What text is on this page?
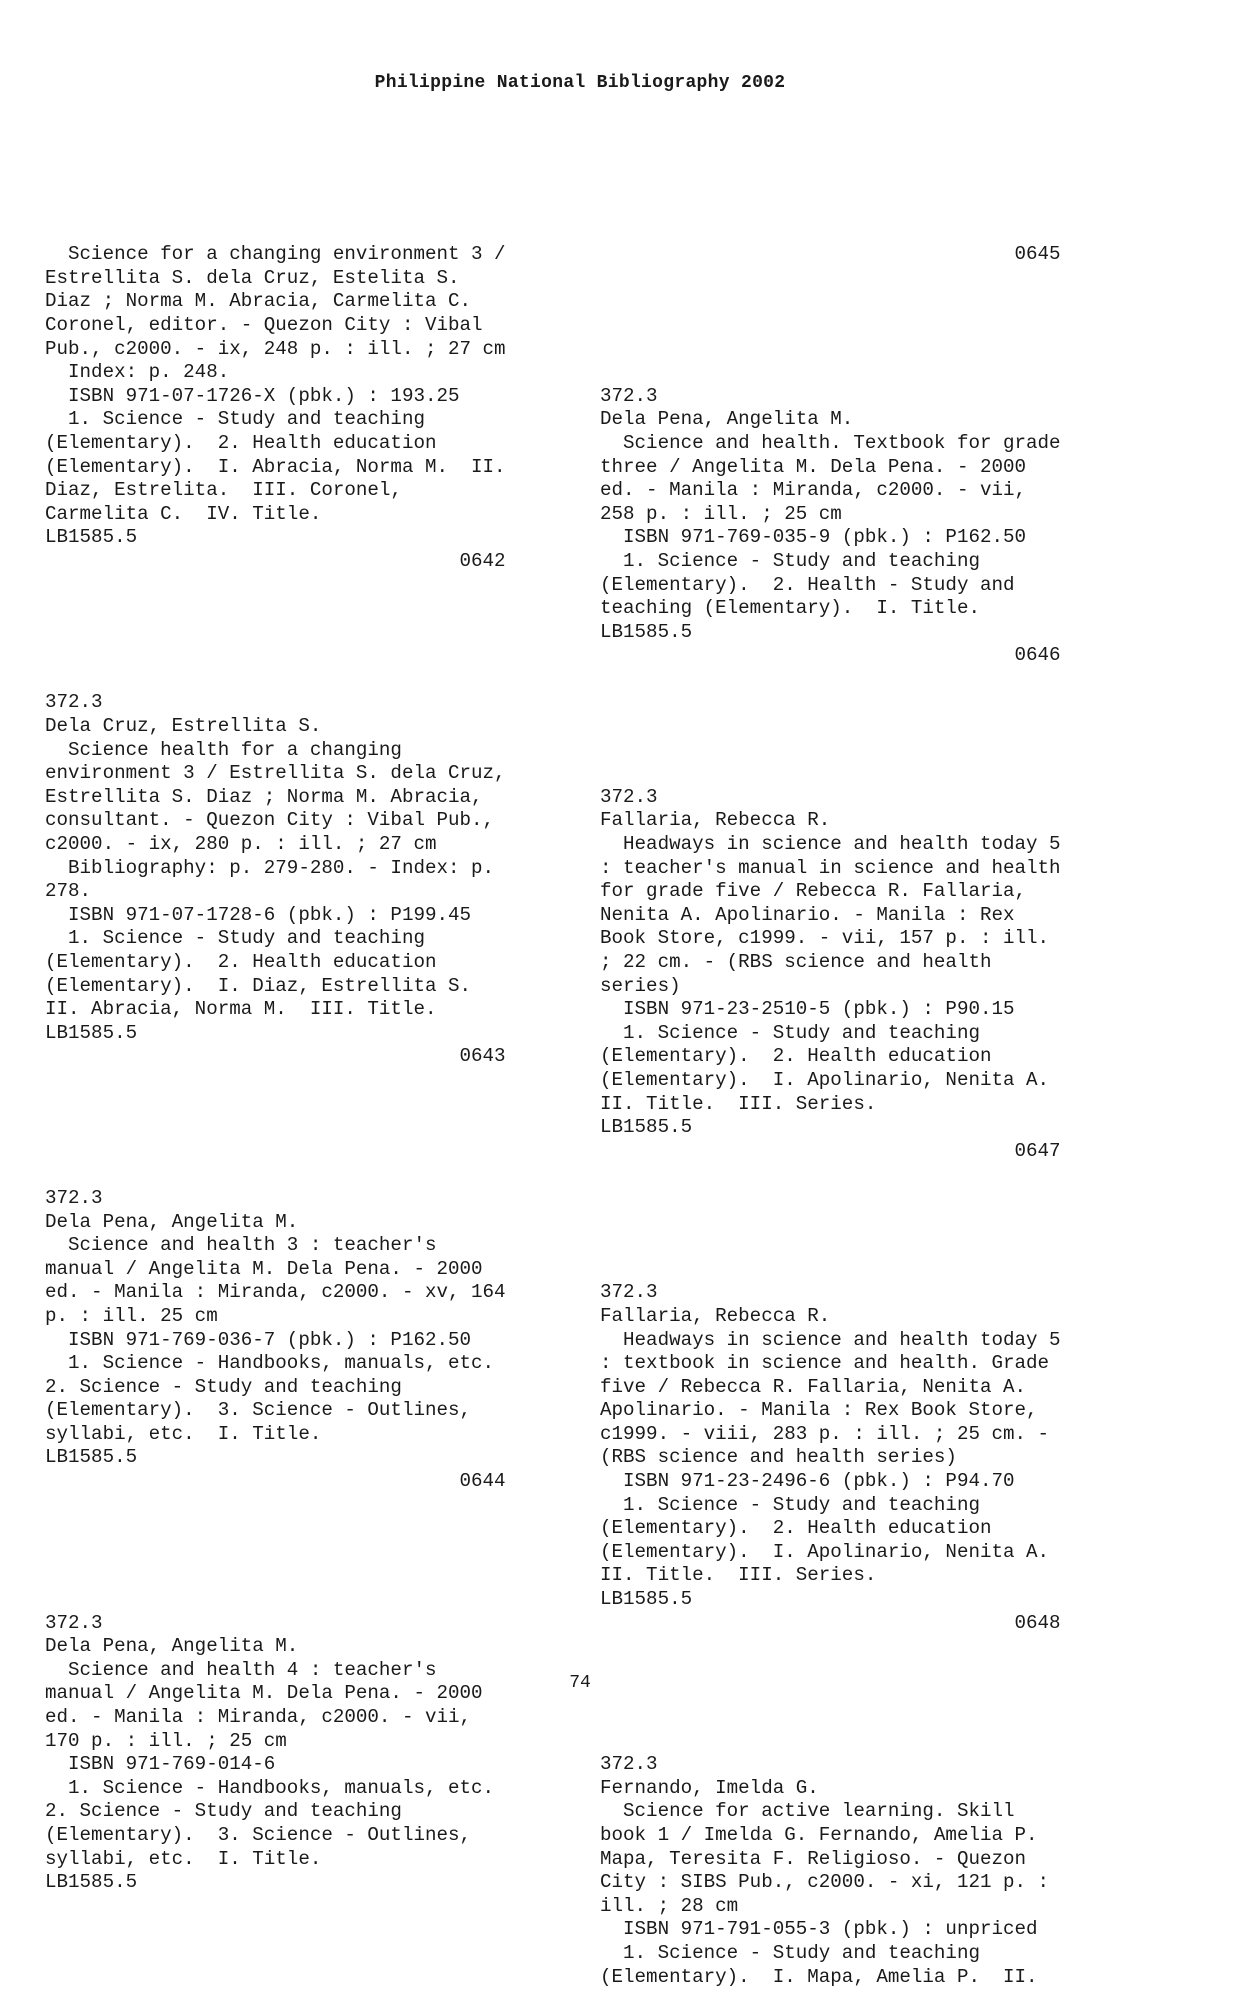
Philippine National Bibliography 2002

Science for a changing environment 3 /
Estrellita S. dela Cruz, Estelita S.
Diaz ; Norma M. Abracia, Carmelita C.
Coronel, editor. - Quezon City : Vibal
Pub., c2000. - ix, 248 p. : ill. ; 27 cm
Index: p. 248.
ISBN 971-07-1726-X (pbk.) : 193.25
1. Science - Study and teaching
(Elementary).  2. Health education
(Elementary).  I. Abracia, Norma M.  II.
Diaz, Estrelita.  III. Coronel,
Carmelita C.  IV. Title.
LB1585.5
0642

372.3
Dela Cruz, Estrellita S.
Science health for a changing
environment 3 / Estrellita S. dela Cruz,
Estrellita S. Diaz ; Norma M. Abracia,
consultant. - Quezon City : Vibal Pub.,
c2000. - ix, 280 p. : ill. ; 27 cm
Bibliography: p. 279-280. - Index: p.
278.
ISBN 971-07-1728-6 (pbk.) : P199.45
1. Science - Study and teaching
(Elementary).  2. Health education
(Elementary).  I. Diaz, Estrellita S.
II. Abracia, Norma M.  III. Title.
LB1585.5
0643

372.3
Dela Pena, Angelita M.
Science and health 3 : teacher's
manual / Angelita M. Dela Pena. - 2000
ed. - Manila : Miranda, c2000. - xv, 164
p. : ill. 25 cm
ISBN 971-769-036-7 (pbk.) : P162.50
1. Science - Handbooks, manuals, etc.
2. Science - Study and teaching
(Elementary).  3. Science - Outlines,
syllabi, etc.  I. Title.
LB1585.5
0644

372.3
Dela Pena, Angelita M.
Science and health 4 : teacher's
manual / Angelita M. Dela Pena. - 2000
ed. - Manila : Miranda, c2000. - vii,
170 p. : ill. ; 25 cm
ISBN 971-769-014-6
1. Science - Handbooks, manuals, etc.
2. Science - Study and teaching
(Elementary).  3. Science - Outlines,
syllabi, etc.  I. Title.
LB1585.5

0645

372.3
Dela Pena, Angelita M.
Science and health. Textbook for grade
three / Angelita M. Dela Pena. - 2000
ed. - Manila : Miranda, c2000. - vii,
258 p. : ill. ; 25 cm
ISBN 971-769-035-9 (pbk.) : P162.50
1. Science - Study and teaching
(Elementary).  2. Health - Study and
teaching (Elementary).  I. Title.
LB1585.5
0646

372.3
Fallaria, Rebecca R.
Headways in science and health today 5
: teacher's manual in science and health
for grade five / Rebecca R. Fallaria,
Nenita A. Apolinario. - Manila : Rex
Book Store, c1999. - vii, 157 p. : ill.
; 22 cm. - (RBS science and health
series)
ISBN 971-23-2510-5 (pbk.) : P90.15
1. Science - Study and teaching
(Elementary).  2. Health education
(Elementary).  I. Apolinario, Nenita A.
II. Title.  III. Series.
LB1585.5
0647

372.3
Fallaria, Rebecca R.
Headways in science and health today 5
: textbook in science and health. Grade
five / Rebecca R. Fallaria, Nenita A.
Apolinario. - Manila : Rex Book Store,
c1999. - viii, 283 p. : ill. ; 25 cm. -
(RBS science and health series)
ISBN 971-23-2496-6 (pbk.) : P94.70
1. Science - Study and teaching
(Elementary).  2. Health education
(Elementary).  I. Apolinario, Nenita A.
II. Title.  III. Series.
LB1585.5
0648

372.3
Fernando, Imelda G.
Science for active learning. Skill
book 1 / Imelda G. Fernando, Amelia P.
Mapa, Teresita F. Religioso. - Quezon
City : SIBS Pub., c2000. - xi, 121 p. :
ill. ; 28 cm
ISBN 971-791-055-3 (pbk.) : unpriced
1. Science - Study and teaching
(Elementary).  I. Mapa, Amelia P.  II.

74
